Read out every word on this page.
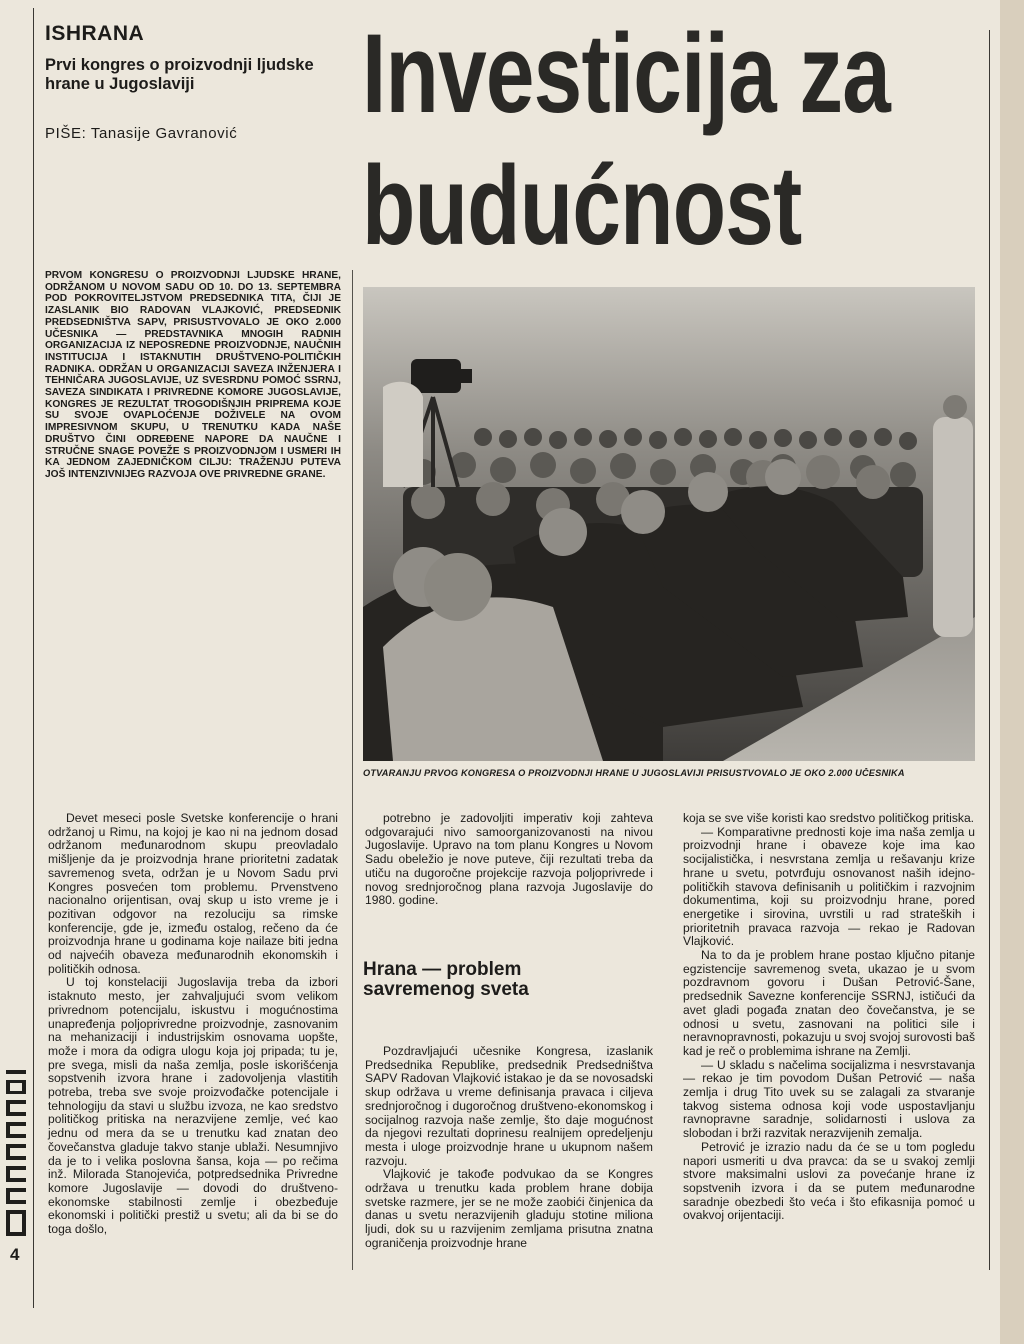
ISHRANA
Prvi kongres o proizvodnji ljudske hrane u Jugoslaviji
PIŠE: Tanasije Gavranović Investicija za
budućnost
PRVOM KONGRESU O PROIZVODNJI LJUDSKE HRANE, ODRŽANOM U NOVOM SADU OD 10. DO 13. SEPTEMBRA POD POKROVITELJSTVOM PREDSEDNIKA TITA, ČIJI JE IZASLANIK BIO RADOVAN VLAJKOVIĆ, PREDSEDNIK PREDSEDNIŠTVA SAPV, PRISUSTVOVALO JE OKO 2.000 UČESNIKA — PREDSTAVNIKA MNOGIH RADNIH ORGANIZACIJA IZ NEPOSREDNE PROIZVODNJE, NAUČNIH INSTITUCIJA I ISTAKNUTIH DRUŠTVENO-POLITIČKIH RADNIKA. ODRŽAN U ORGANIZACIJI SAVEZA INŽENJERA I TEHNIČARA JUGOSLAVIJE, UZ SVESRDNU POMOĆ SSRNJ, SAVEZA SINDIKATA I PRIVREDNE KOMORE JUGOSLAVIJE, KONGRES JE REZULTAT TROGODIŠNJIH PRIPREMA KOJE SU SVOJE OVAPLOĆENJE DOŽIVELE NA OVOM IMPRESIVNOM SKUPU, U TRENUTKU KADA NAŠE DRUŠTVO ČINI ODREĐENE NAPORE DA NAUČNE I STRUČNE SNAGE POVEŽE S PROIZVODNJOM I USMERI IH KA JEDNOM ZAJEDNIČKOM CILJU: TRAŽENJU PUTEVA JOŠ INTENZIVNIJEG RAZVOJA OVE PRIVREDNE GRANE.
OTVARANJU PRVOG KONGRESA O PROIZVODNJI HRANE U JUGOSLAVIJI PRISUSTVOVALO JE OKO 2.000 UČESNIKA

Devet meseci posle Svetske konferencije o hrani održanoj u Rimu, na kojoj je kao ni na jednom dosad održanom međunarodnom skupu preovladalo mišljenje da je proizvodnja hrane prioritetni zadatak savremenog sveta, održan je u Novom Sadu prvi Kongres posvećen tom problemu. Prvenstveno nacionalno orijentisan, ovaj skup u isto vreme je i pozitivan odgovor na rezoluciju sa rimske konferencije, gde je, između ostalog, rečeno da će proizvodnja hrane u godinama koje nailaze biti jedna od najvećih obaveza međunarodnih ekonomskih i političkih odnosa.

U toj konstelaciji Jugoslavija treba da izbori istaknuto mesto, jer zahvaljujući svom velikom privrednom potencijalu, iskustvu i mogućnostima unapređenja poljoprivredne proizvodnje, zasnovanim na mehanizaciji i industrijskim osnovama uopšte, može i mora da odigra ulogu koja joj pripada; tu je, pre svega, misli da naša zemlja, posle iskorišćenja sopstvenih izvora hrane i zadovoljenja vlastitih potreba, treba sve svoje proizvođačke potencijale i tehnologiju da stavi u službu izvoza, ne kao sredstvo političkog pritiska na nerazvijene zemlje, već kao jednu od mera da se u trenutku kad znatan deo čovečanstva gladuje takvo stanje ublaži. Nesumnjivo da je to i velika poslovna šansa, koja — po rečima inž. Milorada Stanojevića, potpredsednika Privredne komore Jugoslavije — dovodi do društveno-ekonomske stabilnosti zemlje i obezbeđuje ekonomski i politički prestiž u svetu; ali da bi se do toga došlo,

potrebno je zadovoljiti imperativ koji zahteva odgovarajući nivo samoorganizovanosti na nivou Jugoslavije. Upravo na tom planu Kongres u Novom Sadu obeležio je nove puteve, čiji rezultati treba da utiču na dugoročne projekcije razvoja poljoprivrede i novog srednjoročnog plana razvoja Jugoslavije do 1980. godine.

Hrana — problem savremenog sveta

Pozdravljajući učesnike Kongresa, izaslanik Predsednika Republike, predsednik Predsedništva SAPV Radovan Vlajković istakao je da se novosadski skup održava u vreme definisanja pravaca i ciljeva srednjoročnog i dugoročnog društveno-ekonomskog i socijalnog razvoja naše zemlje, što daje mogućnost da njegovi rezultati doprinesu realnijem opredeljenju mesta i uloge proizvodnje hrane u ukupnom našem razvoju.

Vlajković je takođe podvukao da se Kongres održava u trenutku kada problem hrane dobija svetske razmere, jer se ne može zaobići činjenica da danas u svetu nerazvijenih gladuju stotine miliona ljudi, dok su u razvijenim zemljama prisutna znatna ograničenja proizvodnje hrane

koja se sve više koristi kao sredstvo političkog pritiska.

— Komparativne prednosti koje ima naša zemlja u proizvodnji hrane i obaveze koje ima kao socijalistička, i nesvrstana zemlja u rešavanju krize hrane u svetu, potvrđuju osnovanost naših idejno-političkih stavova definisanih u političkim i razvojnim dokumentima, koji su proizvodnju hrane, pored energetike i sirovina, uvrstili u rad strateških i prioritetnih pravaca razvoja — rekao je Radovan Vlajković.

Na to da je problem hrane postao ključno pitanje egzistencije savremenog sveta, ukazao je u svom pozdravnom govoru i Dušan Petrović-Šane, predsednik Savezne konferencije SSRNJ, ističući da avet gladi pogađa znatan deo čovečanstva, je se odnosi u svetu, zasnovani na politici sile i neravnopravnosti, pokazuju u svoj svojoj surovosti baš kad je reč o problemima ishrane na Zemlji.

— U skladu s načelima socijalizma i nesvrstavanja — rekao je tim povodom Dušan Petrović — naša zemlja i drug Tito uvek su se zalagali za stvaranje takvog sistema odnosa koji vode uspostavljanju ravnopravne saradnje, solidarnosti i uslova za slobodan i brži razvitak nerazvijenih zemalja.

Petrović je izrazio nadu da će se u tom pogledu napori usmeriti u dva pravca: da se u svakoj zemlji stvore maksimalni uslovi za povećanje hrane iz sopstvenih izvora i da se putem međunarodne saradnje obezbedi što veća i što efikasnija pomoć u ovakvoj orijentaciji.

4
